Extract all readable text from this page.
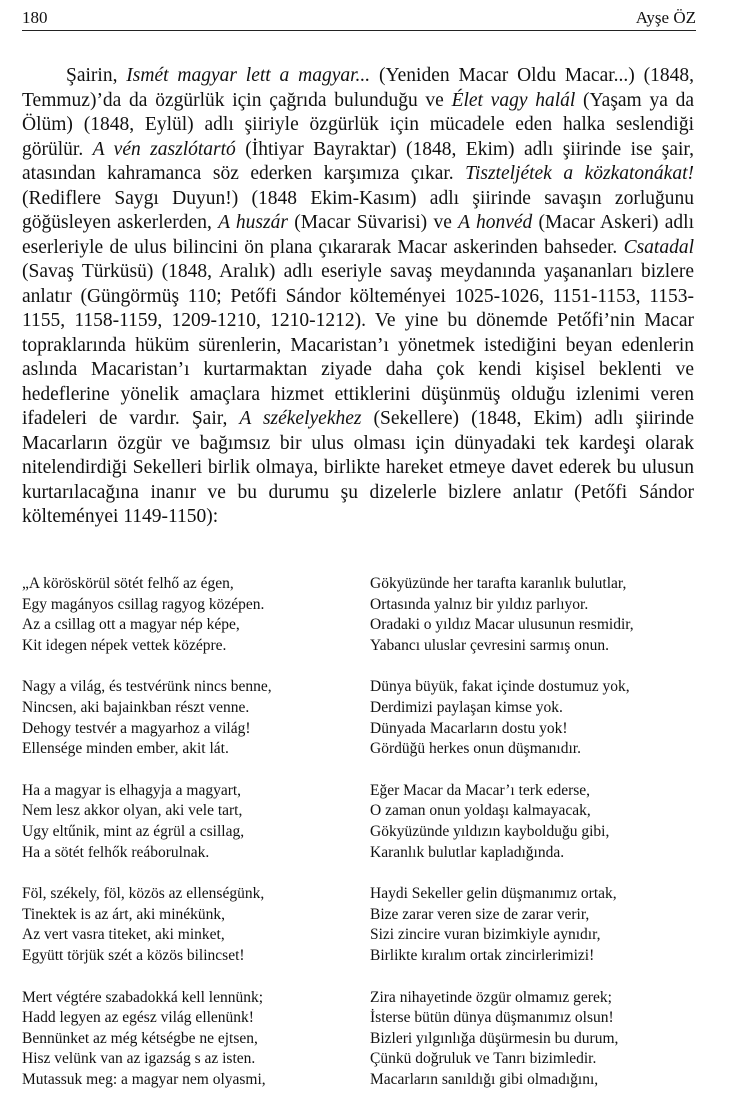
180	Ayşe ÖZ

Şairin, Ismét magyar lett a magyar... (Yeniden Macar Oldu Macar...) (1848, Temmuz)’da da özgürlük için çağrıda bulunduğu ve Élet vagy halál (Yaşam ya da Ölüm) (1848, Eylül) adlı şiiriyle özgürlük için mücadele eden halka seslendiği görülür. A vén zaszlótartó (İhtiyar Bayraktar) (1848, Ekim) adlı şiirinde ise şair, atasından kahramanca söz ederken karşımıza çıkar. Tiszteljétek a közkatonákat! (Rediflere Saygı Duyun!) (1848 Ekim-Kasım) adlı şiirinde savaşın zorluğunu göğüsleyen askerlerden, A huszár (Macar Süvarisi) ve A honvéd (Macar Askeri) adlı eserleriyle de ulus bilincini ön plana çıkararak Macar askerinden bahseder. Csatadal (Savaş Türküsü) (1848, Aralık) adlı eseriyle savaş meydanında yaşananları bizlere anlatır (Güngörmüş 110; Petőfi Sándor költeményei 1025-1026, 1151-1153, 1153-1155, 1158-1159, 1209-1210, 1210-1212). Ve yine bu dönemde Petőfi’nin Macar topraklarında hüküm sürenlerin, Macaristan’ı yönetmek istediğini beyan edenlerin aslında Macaristan’ı kurtarmaktan ziyade daha çok kendi kişisel beklenti ve hedeflerine yönelik amaçlara hizmet ettiklerini düşünmüş olduğu izlenimi veren ifadeleri de vardır. Şair, A székelyekhez (Sekellere) (1848, Ekim) adlı şiirinde Macarların özgür ve bağımsız bir ulus olması için dünyadaki tek kardeşi olarak nitelendirdiği Sekelleri birlik olmaya, birlikte hareket etmeye davet ederek bu ulusun kurtarılacağına inanır ve bu durumu şu dizelerle bizlere anlatır (Petőfi Sándor költeményei 1149-1150):

„A köröskörül sötét felhő az égen,
Egy magányos csillag ragyog középen.
Az a csillag ott a magyar nép képe,
Kit idegen népek vettek középre.
Nagy a világ, és testvérünk nincs benne,
Nincsen, aki bajainkban részt venne.
Dehogy testvér a magyarhoz a világ!
Ellensége minden ember, akit lát.
Ha a magyar is elhagyja a magyart,
Nem lesz akkor olyan, aki vele tart,
Ugy eltűnik, mint az égrül a csillag,
Ha a sötét felhők reáborulnak.
Föl, székely, föl, közös az ellenségünk,
Tinektek is az árt, aki minékünk,
Az vert vasra titeket, aki minket,
Együtt törjük szét a közös bilincset!
Mert végtére szabadokká kell lennünk;
Hadd legyen az egész világ ellenünk!
Bennünket az még kétségbe ne ejtsen,
Hisz velünk van az igazság s az isten.
Mutassuk meg: a magyar nem olyasmi,
Gökyüzünde her tarafta karanlık bulutlar,
Ortasında yalnız bir yıldız parlıyor.
Oradaki o yıldız Macar ulusunun resmidir,
Yabancı uluslar çevresini sarmış onun.
Dünya büyük, fakat içinde dostumuz yok,
Derdimizi paylaşan kimse yok.
Dünyada Macarların dostu yok!
Gördüğü herkes onun düşmanıdır.
Eğer Macar da Macar’ı terk ederse,
O zaman onun yoldaşı kalmayacak,
Gökyüzünde yıldızın kaybolduğu gibi,
Karanlık bulutlar kapladığında.
Haydi Sekeller gelin düşmanımız ortak,
Bize zarar veren size de zarar verir,
Sizi zincire vuran bizimkiyle aynıdır,
Birlikte kıralım ortak zincirlerimizi!
Zira nihayetinde özgür olmamız gerek;
İsterse bütün dünya düşmanımız olsun!
Bizleri yılgınlığa düşürmesin bu durum,
Çünkü doğruluk ve Tanrı bizimledir.
Macarların sanıldığı gibi olmadığını,
